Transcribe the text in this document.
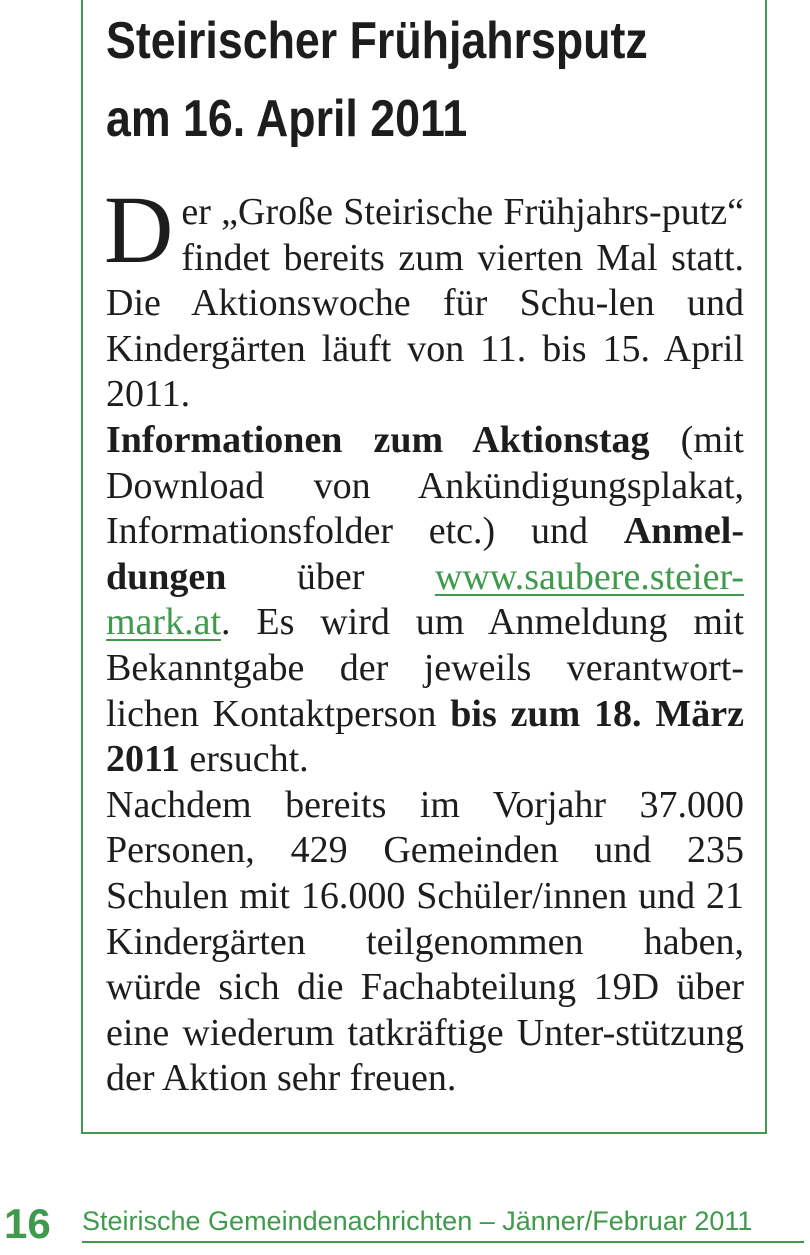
Steirischer Frühjahrsputz
am 16. April 2011

Der „Große Steirische Frühjahrs-putz“ findet bereits zum vierten Mal statt. Die Aktionswoche für Schu-len und Kindergärten läuft von 11. bis 15. April 2011.

Informationen zum Aktionstag (mit Download von Ankündigungsplakat, Informationsfolder etc.) und Anmel-dungen über www.saubere.steier-mark.at. Es wird um Anmeldung mit Bekanntgabe der jeweils verantwort-lichen Kontaktperson bis zum 18. März 2011 ersucht.

Nachdem bereits im Vorjahr 37.000 Personen, 429 Gemeinden und 235 Schulen mit 16.000 Schüler/innen und 21 Kindergärten teilgenommen haben, würde sich die Fachabteilung 19D über eine wiederum tatkräftige Unter-stützung der Aktion sehr freuen.

16 Steirische Gemeindenachrichten – Jänner/Februar 2011
